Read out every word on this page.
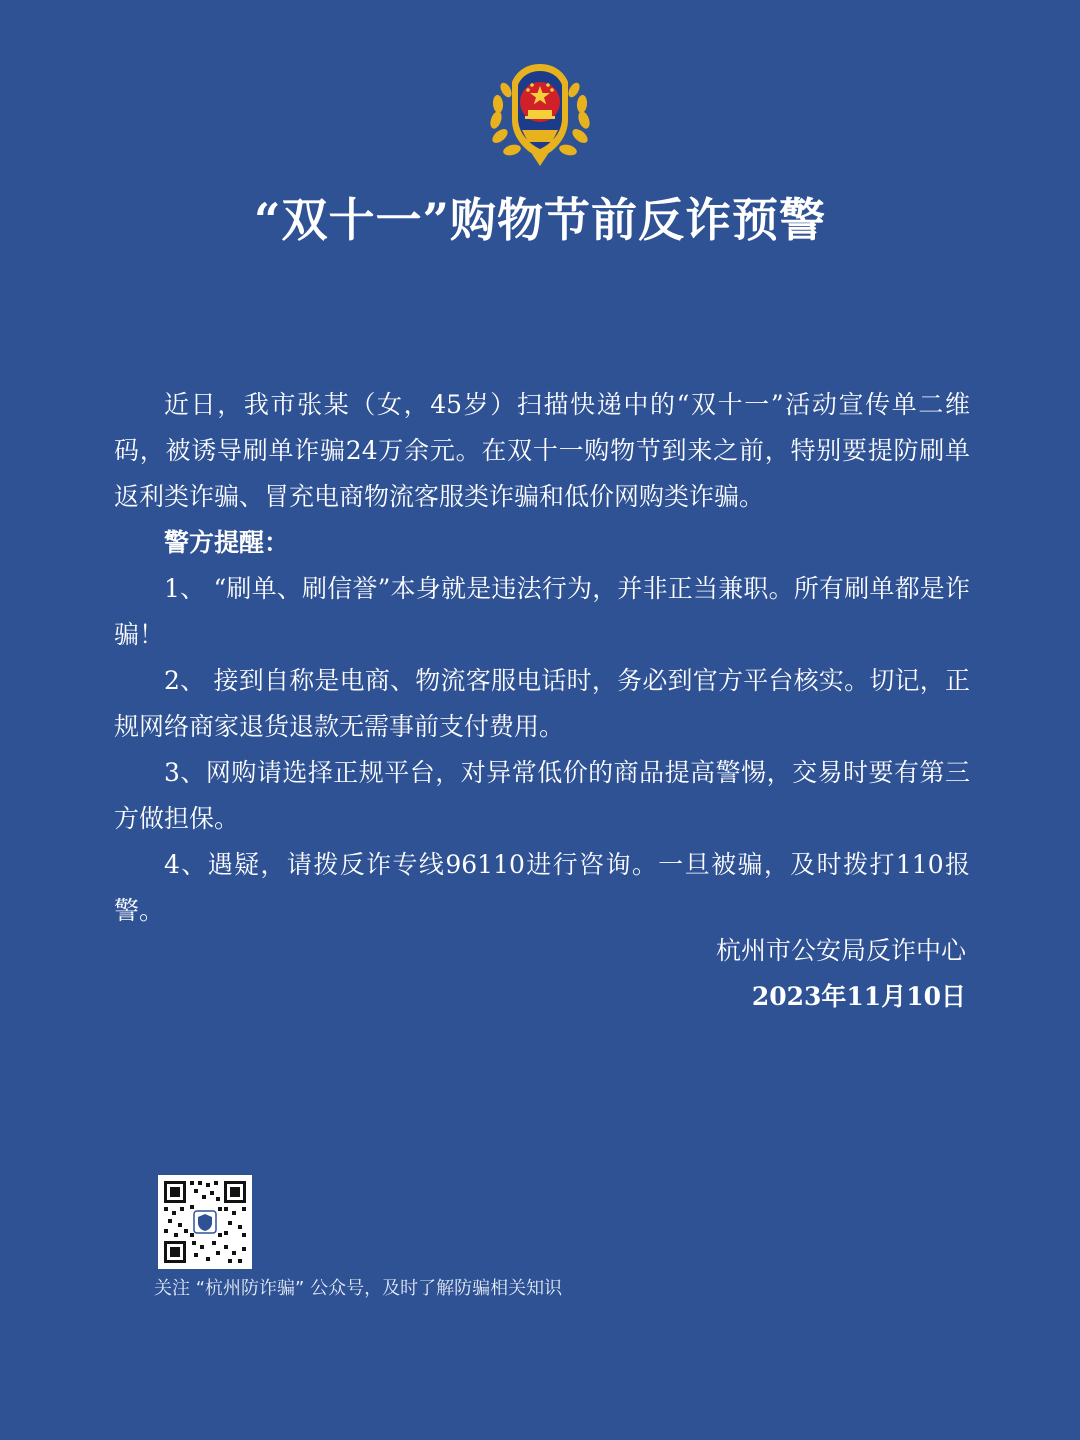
“双十一”购物节前反诈预警

近日，我市张某（女，45岁）扫描快递中的“双十一”活动宣传单二维码，被诱导刷单诈骗24万余元。在双十一购物节到来之前，特别要提防刷单返利类诈骗、冒充电商物流客服类诈骗和低价网购类诈骗。

警方提醒：

1、 “刷单、刷信誉”本身就是违法行为，并非正当兼职。所有刷单都是诈骗！

2、 接到自称是电商、物流客服电话时，务必到官方平台核实。切记，正规网络商家退货退款无需事前支付费用。

3、网购请选择正规平台，对异常低价的商品提高警惕，交易时要有第三方做担保。

4、遇疑，请拨反诈专线96110进行咨询。一旦被骗，及时拨打110报警。

杭州市公安局反诈中心
2023年11月10日
关注 “杭州防诈骗” 公众号，及时了解防骗相关知识
